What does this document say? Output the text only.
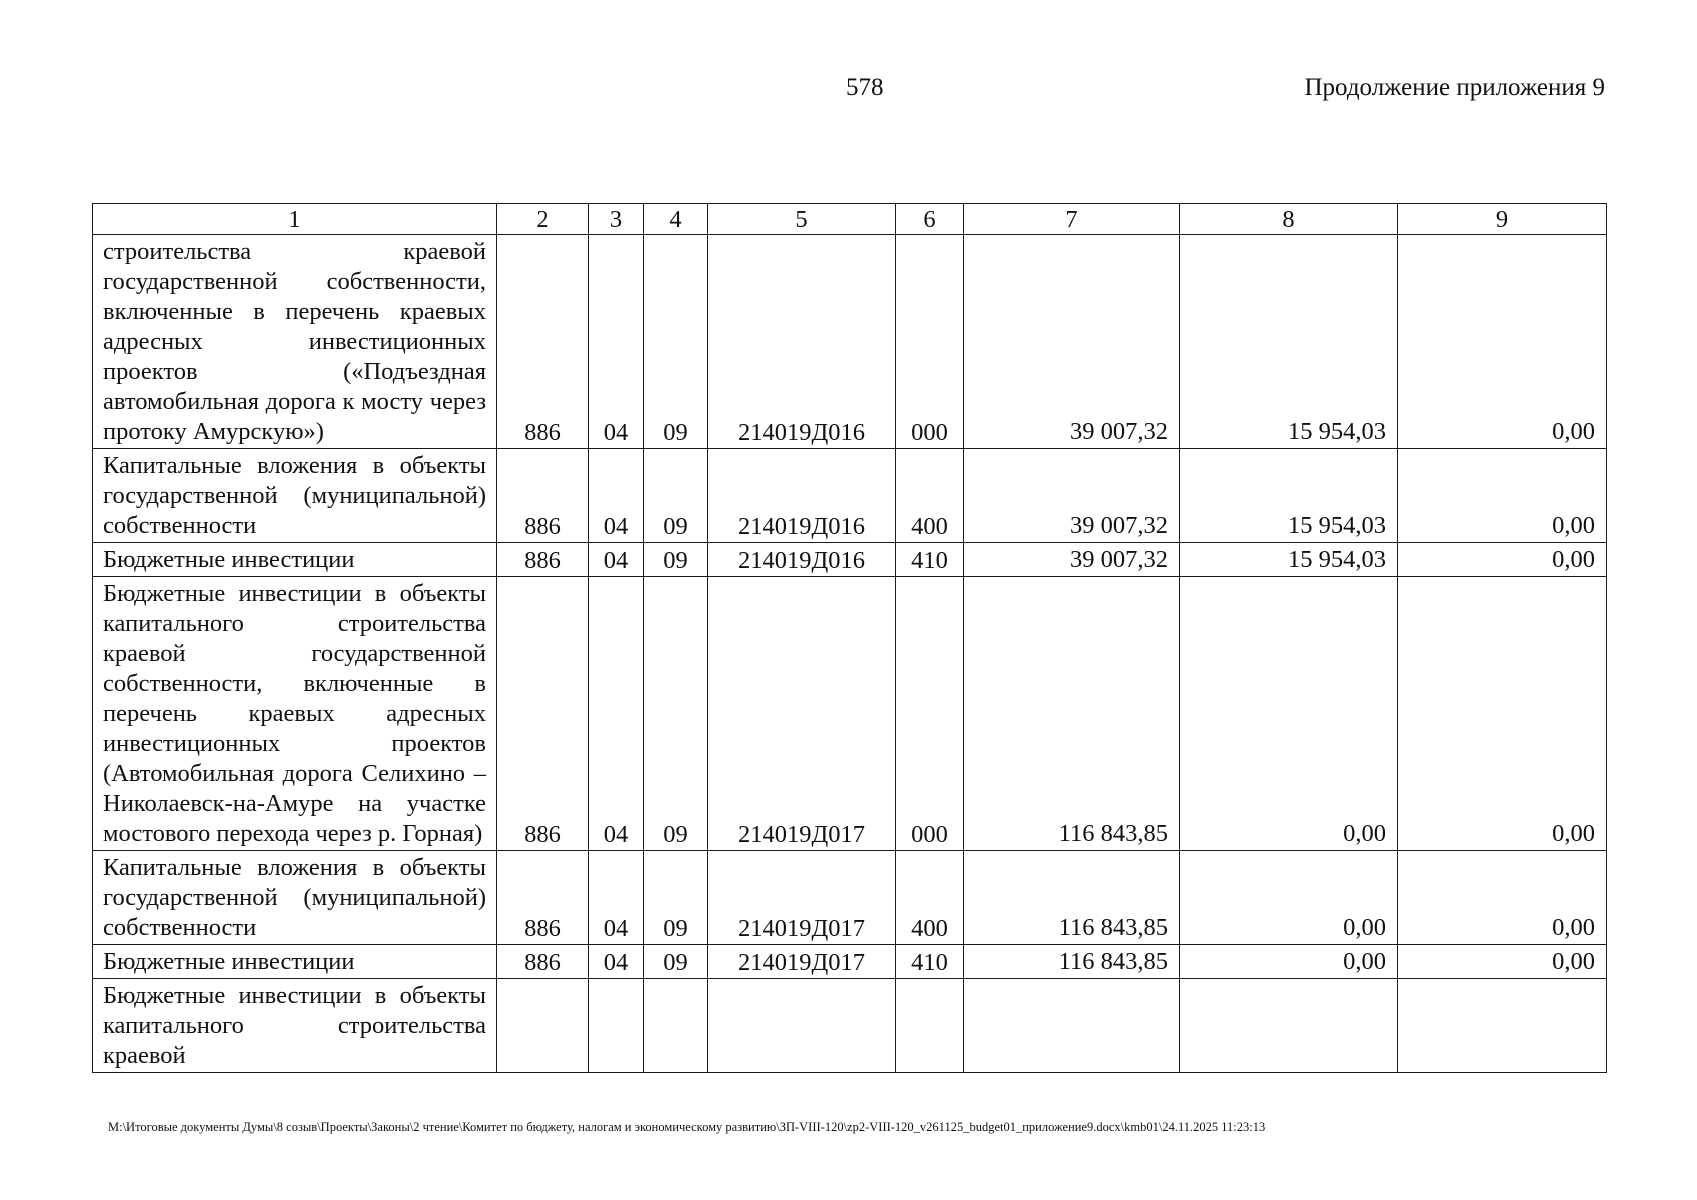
578	Продолжение приложения 9
1	2	3	4	5	6	7	8	9
строительства краевой государственной собственности, включенные в перечень краевых адресных инвестиционных проектов («Подъездная автомобильная дорога к мосту через протоку Амурскую»)	886	04	09	214019Д016	000	39 007,32	15 954,03	0,00
Капитальные вложения в объекты государственной (муниципальной) собственности	886	04	09	214019Д016	400	39 007,32	15 954,03	0,00
Бюджетные инвестиции	886	04	09	214019Д016	410	39 007,32	15 954,03	0,00
Бюджетные инвестиции в объекты капитального строительства краевой государственной собственности, включенные в перечень краевых адресных инвестиционных проектов (Автомобильная дорога Селихино – Николаевск-на-Амуре на участке мостового перехода через р. Горная)	886	04	09	214019Д017	000	116 843,85	0,00	0,00
Капитальные вложения в объекты государственной (муниципальной) собственности	886	04	09	214019Д017	400	116 843,85	0,00	0,00
Бюджетные инвестиции	886	04	09	214019Д017	410	116 843,85	0,00	0,00
Бюджетные инвестиции в объекты капитального строительства краевой								
M:\Итоговые документы Думы\8 созыв\Проекты\Законы\2 чтение\Комитет по бюджету, налогам и экономическому развитию\ЗП-VIII-120\zp2-VIII-120_v261125_budget01_приложение9.docx\kmb01\24.11.2025 11:23:13
